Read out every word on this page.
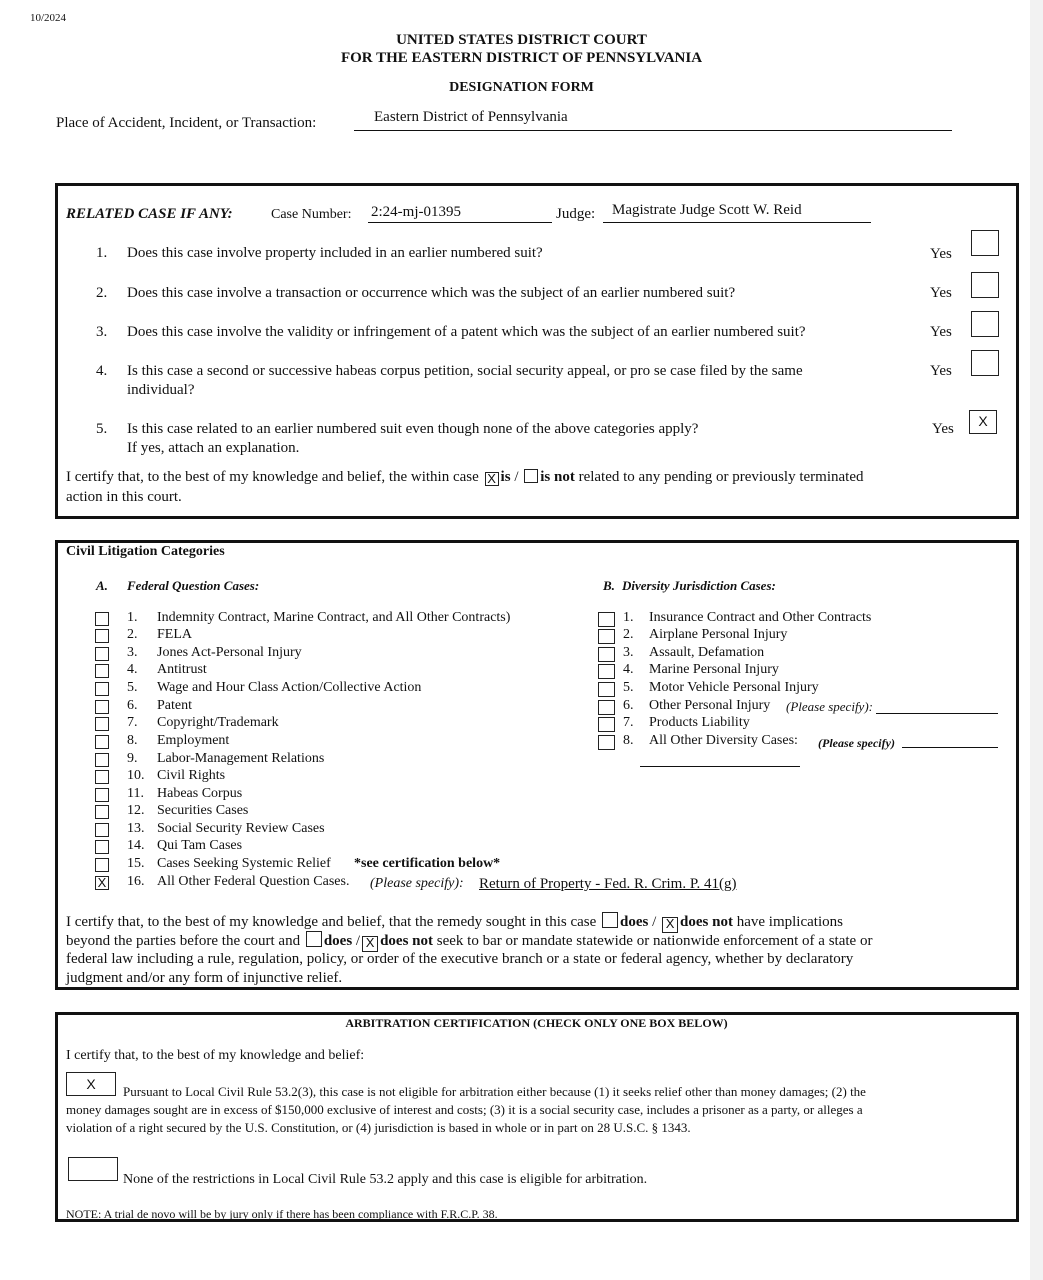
10/2024
UNITED STATES DISTRICT COURT
FOR THE EASTERN DISTRICT OF PENNSYLVANIA
DESIGNATION FORM
Place of Accident, Incident, or Transaction:	Eastern District of Pennsylvania
RELATED CASE IF ANY:	Case Number: 2:24-mj-01395	Judge: Magistrate Judge Scott W. Reid
1. Does this case involve property included in an earlier numbered suit?	Yes
2. Does this case involve a transaction or occurrence which was the subject of an earlier numbered suit?	Yes
3. Does this case involve the validity or infringement of a patent which was the subject of an earlier numbered suit?	Yes
4. Is this case a second or successive habeas corpus petition, social security appeal, or pro se case filed by the same
individual?
Yes
5. Is this case related to an earlier numbered suit even though none of the above categories apply?
If yes, attach an explanation.
Yes	X
I certify that, to the best of my knowledge and belief, the within case X is / is not related to any pending or previously terminated
action in this court.
Civil Litigation Categories
A. Federal Question Cases:	B. Diversity Jurisdiction Cases:
1. Indemnity Contract, Marine Contract, and All Other Contracts)
2. FELA
3. Jones Act-Personal Injury
4. Antitrust
5. Wage and Hour Class Action/Collective Action
6. Patent
7. Copyright/Trademark
8. Employment
9. Labor-Management Relations
10. Civil Rights
11. Habeas Corpus
12. Securities Cases
13. Social Security Review Cases
14. Qui Tam Cases
15. Cases Seeking Systemic Relief
X 16. All Other Federal Question Cases.
1. Insurance Contract and Other Contracts
2. Airplane Personal Injury
3. Assault, Defamation
4. Marine Personal Injury
5. Motor Vehicle Personal Injury
6. Other Personal Injury
7. Products Liability
8. All Other Diversity Cases:
*see certification below*
(Please specify): Return of Property - Fed. R. Crim. P. 41(g)
(Please specify):
(Please specify)
I certify that, to the best of my knowledge and belief, that the remedy sought in this case does / X does not have implications
beyond the parties before the court and does / X does not seek to bar or mandate statewide or nationwide enforcement of a state or
federal law including a rule, regulation, policy, or order of the executive branch or a state or federal agency, whether by declaratory
judgment and/or any form of injunctive relief.
ARBITRATION CERTIFICATION (CHECK ONLY ONE BOX BELOW)
I certify that, to the best of my knowledge and belief:
X	Pursuant to Local Civil Rule 53.2(3), this case is not eligible for arbitration either because (1) it seeks relief other than money damages; (2) the
money damages sought are in excess of $150,000 exclusive of interest and costs; (3) it is a social security case, includes a prisoner as a party, or alleges a
violation of a right secured by the U.S. Constitution, or (4) jurisdiction is based in whole or in part on 28 U.S.C. § 1343.
None of the restrictions in Local Civil Rule 53.2 apply and this case is eligible for arbitration.
NOTE: A trial de novo will be by jury only if there has been compliance with F.R.C.P. 38.
